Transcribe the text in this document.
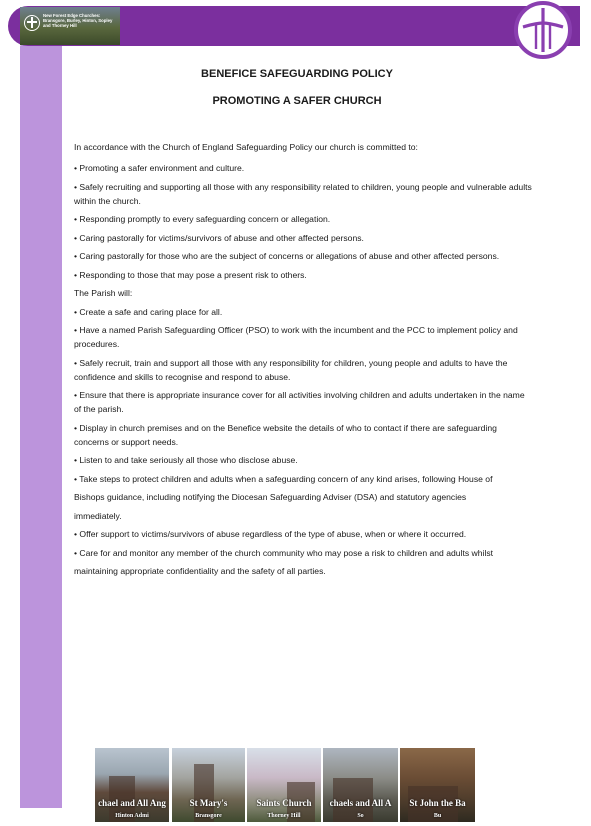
New Forest Edge Churches: Bransgore, Burley, Hinton, Sopley and Thorney Hill
BENEFICE SAFEGUARDING POLICY
PROMOTING A SAFER CHURCH

In accordance with the Church of England Safeguarding Policy our church is committed to:

• Promoting a safer environment and culture.

• Safely recruiting and supporting all those with any responsibility related to children, young people and vulnerable adults within the church.

• Responding promptly to every safeguarding concern or allegation.

• Caring pastorally for victims/survivors of abuse and other affected persons.

• Caring pastorally for those who are the subject of concerns or allegations of abuse and other affected persons.

• Responding to those that may pose a present risk to others.

The Parish will:

• Create a safe and caring place for all.

• Have a named Parish Safeguarding Officer (PSO) to work with the incumbent and the PCC to implement policy and procedures.

• Safely recruit, train and support all those with any responsibility for children, young people and adults to have the confidence and skills to recognise and respond to abuse.

• Ensure that there is appropriate insurance cover for all activities involving children and adults undertaken in the name of the parish.

• Display in church premises and on the Benefice website the details of who to contact if there are safeguarding concerns or support needs.

• Listen to and take seriously all those who disclose abuse.

• Take steps to protect children and adults when a safeguarding concern of any kind arises, following House of

Bishops guidance, including notifying the Diocesan Safeguarding Adviser (DSA) and statutory agencies

immediately.

• Offer support to victims/survivors of abuse regardless of the type of abuse, when or where it occurred.

• Care for and monitor any member of the church community who may pose a risk to children and adults whilst

maintaining appropriate confidentiality and the safety of all parties.

chael and All Ang
Hinton Admi
St Mary's
Bransgore
Saints Church
Thorney Hill
chaels and All A
So
St John the Ba
Bu
